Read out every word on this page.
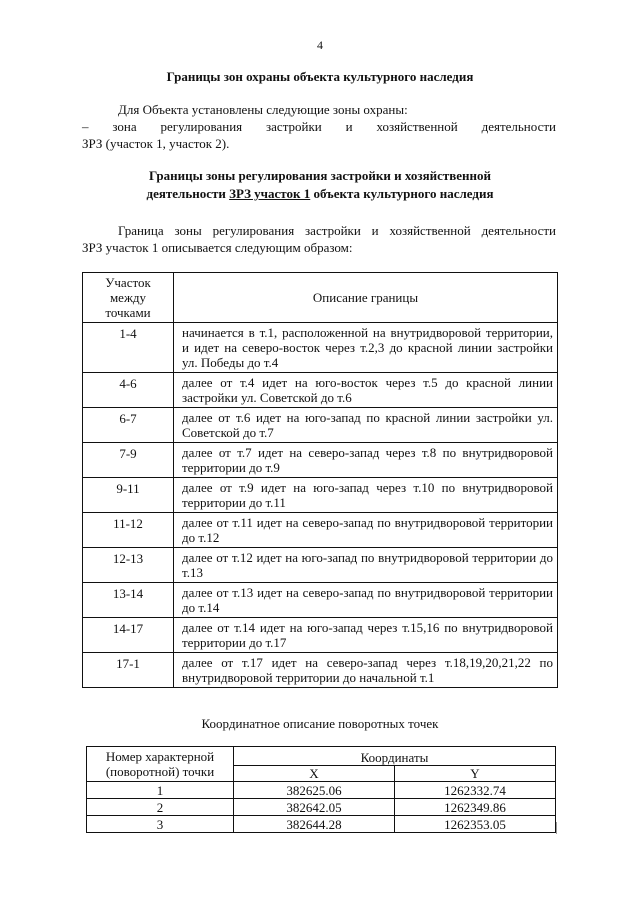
4
Границы зон охраны объекта культурного наследия
Для Объекта установлены следующие зоны охраны:
– зона регулирования застройки и хозяйственной деятельности
ЗРЗ (участок 1, участок 2).
Границы зоны регулирования застройки и хозяйственной
деятельности ЗРЗ участок 1 объекта культурного наследия
Граница зоны регулирования застройки и хозяйственной деятельности
ЗРЗ участок 1 описывается следующим образом:
Участок
между
точками	Описание границы
1-4	начинается в т.1, расположенной на внутридворовой территории, и идет на северо-восток через т.2,3 до красной линии застройки ул. Победы до т.4
4-6	далее от т.4 идет на юго-восток через т.5 до красной линии застройки ул. Советской до т.6
6-7	далее от т.6 идет на юго-запад по красной линии застройки ул. Советской до т.7
7-9	далее от т.7 идет на северо-запад через т.8 по внутридворовой территории до т.9
9-11	далее от т.9 идет на юго-запад через т.10 по внутридворовой территории до т.11
11-12	далее от т.11 идет на северо-запад по внутридворовой территории до т.12
12-13	далее от т.12 идет на юго-запад по внутридворовой территории до т.13
13-14	далее от т.13 идет на северо-запад по внутридворовой территории до т.14
14-17	далее от т.14 идет на юго-запад через т.15,16 по внутридворовой территории до т.17
17-1	далее от т.17 идет на северо-запад через т.18,19,20,21,22 по внутридворовой территории до начальной т.1
Координатное описание поворотных точек
Номер характерной
(поворотной) точки	Координаты	
	X	Y
1	382625.06	1262332.74
2	382642.05	1262349.86
3	382644.28	1262353.05
